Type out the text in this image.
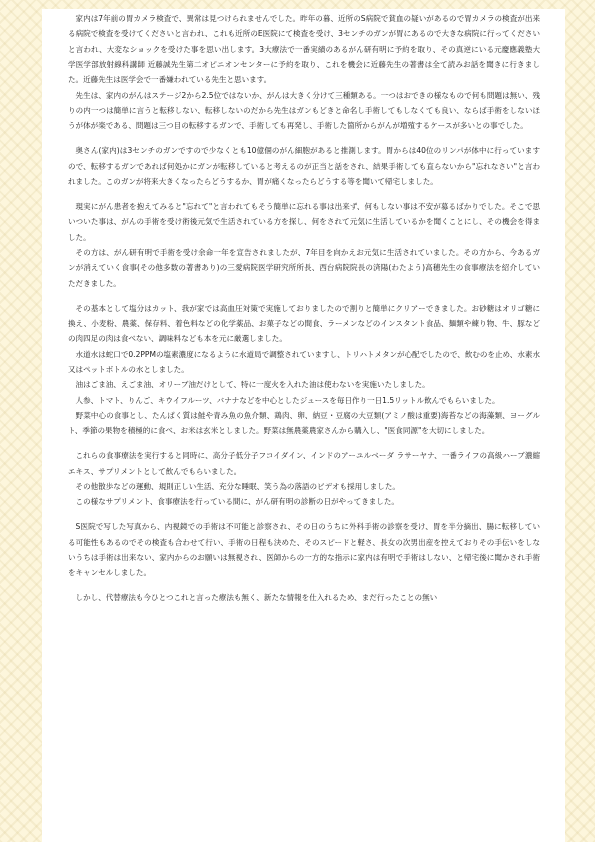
家内は7年前の胃カメラ検査で、異常は見つけられませんでした。昨年の暮、近所のS病院で貧血の疑いがあるので胃カメラの検査が出来る病院で検査を受けてくださいと言われ、これも近所のE医院にて検査を受け、3センチのガンが胃にあるので大きな病院に行ってくださいと言われ、大変なショックを受けた事を思い出します。3大療法で一番実績のあるがん研有明に予約を取り、その真逆にいる元慶應義塾大学医学部放射線科講師 近藤誠先生第二オピニオンセンターに予約を取り、これを機会に近藤先生の著書は全て読みお話を聞きに行きました。近藤先生は医学会で一番嫌われている先生と思います。

先生は、家内のがんはステージ2から2.5位ではないか、がんは大きく分けて三種類ある。一つはおできの様なもので何も問題は無い、残りの内一つは簡単に言うと転移しない、転移しないのだから先生はガンもどきと命名し手術してもしなくても良い、ならば手術をしないほうが体が楽である、問題は三つ目の転移するガンで、手術しても再発し、手術した箇所からがんが増殖するケースが多いとの事でした。

奥さん(家内)は3センチのガンですので少なくとも10億個のがん細胞があると推測します。胃からは40位のリンパが体中に行っていますので、転移するガンであれば何処かにガンが転移していると考えるのが正当と話をされ、結果手術しても直らないから"忘れなさい"と言われました。このガンが将来大きくなったらどうするか、胃が痛くなったらどうする等を聞いて帰宅しました。

現実にがん患者を抱えてみると"忘れて"と言われてもそう簡単に忘れる事は出来ず、何もしない事は不安が募るばかりでした。そこで思いついた事は、がんの手術を受け術後元気で生活されている方を探し、何をされて元気に生活しているかを聞くことにし、その機会を得ました。

その方は、がん研有明で手術を受け余命一年を宣告されましたが、7年目を向かえお元気に生活されていました。その方から、今あるガンが消えていく食事(その他多数の著書あり)の三愛病院医学研究所所長、西台病院院長の済陽(わたよう)高穂先生の食事療法を紹介していただきました。

その基本として塩分はカット、我が家では高血圧対策で実施しておりましたので割りと簡単にクリアーできました。お砂糖はオリゴ糖に換え、小麦粉、農薬、保存料、着色料などの化学薬品、お菓子などの間食、ラーメンなどのインスタント食品、麺類や練り物、牛、豚などの肉四足の肉は食べない、調味料なども本を元に厳選しました。

水道水は蛇口で0.2PPMの塩素濃度になるように水道局で調整されていますし、トリハトメタンが心配でしたので、飲むのを止め、水素水又はペットボトルの水としました。

油はごま油、えごま油、オリーブ油だけとして、特に一度火を入れた油は使わないを実施いたしました。

人参、トマト、りんご、キウイフルーツ、バナナなどを中心としたジュースを毎日作り一日1.5リットル飲んでもらいました。

野菜中心の食事とし、たんぱく質は鮭や青み魚の魚介類、鶏肉、卵、納豆・豆腐の大豆類(アミノ酸は重要)海苔などの海藻類、ヨーグルト、季節の果物を積極的に食べ、お米は玄米としました。野菜は無農薬農家さんから購入し、"医食同源"を大切にしました。

これらの食事療法を実行すると同時に、高分子低分子フコイダイン、インドのアーユルベーダ ラサーヤナ、一番ライフの高級ハーブ濃縮エキス、サプリメントとして飲んでもらいました。

その他散歩などの運動、規則正しい生活、充分な睡眠、笑う為の落語のビデオも採用しました。

この様なサプリメント、食事療法を行っている間に、がん研有明の診断の日がやってきました。

S医院で写した写真から、内視鏡での手術は不可能と診察され、その日のうちに外科手術の診察を受け、胃を半分摘出、腸に転移している可能性もあるのでその検査も合わせて行い、手術の日程も決めた、そのスピードと軽さ、長女の次男出産を控えておりその手伝いをしないうちは手術は出来ない、家内からのお願いは無視され、医師からの一方的な指示に家内は有明で手術はしない、と帰宅後に聞かされ手術をキャンセルしました。

しかし、代替療法も今ひとつこれと言った療法も無く、新たな情報を仕入れるため、まだ行ったことの無い
